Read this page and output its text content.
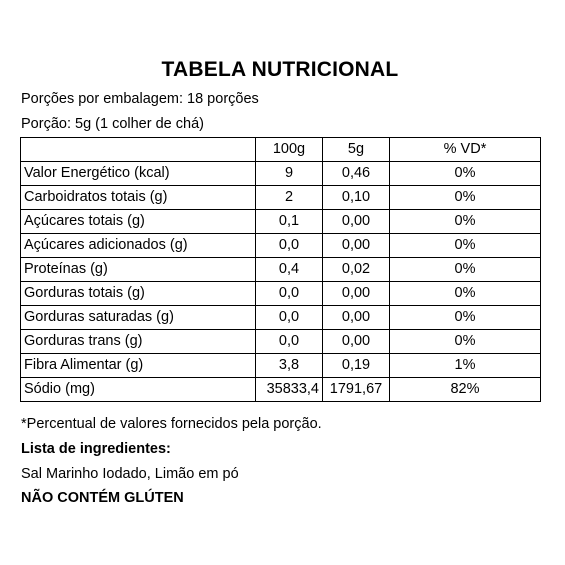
TABELA NUTRICIONAL
Porções por embalagem: 18 porções
Porção: 5g (1 colher de chá)
	100g	5g	% VD*
Valor Energético (kcal)	9	0,46	0%
Carboidratos totais (g)	2	0,10	0%
Açúcares totais (g)	0,1	0,00	0%
Açúcares adicionados (g)	0,0	0,00	0%
Proteínas (g)	0,4	0,02	0%
Gorduras totais (g)	0,0	0,00	0%
Gorduras saturadas (g)	0,0	0,00	0%
Gorduras trans (g)	0,0	0,00	0%
Fibra Alimentar (g)	3,8	0,19	1%
Sódio (mg)	35833,4	1791,67	82%
*Percentual de valores fornecidos pela porção.
Lista de ingredientes:
Sal Marinho Iodado, Limão em pó
NÃO CONTÉM GLÚTEN
